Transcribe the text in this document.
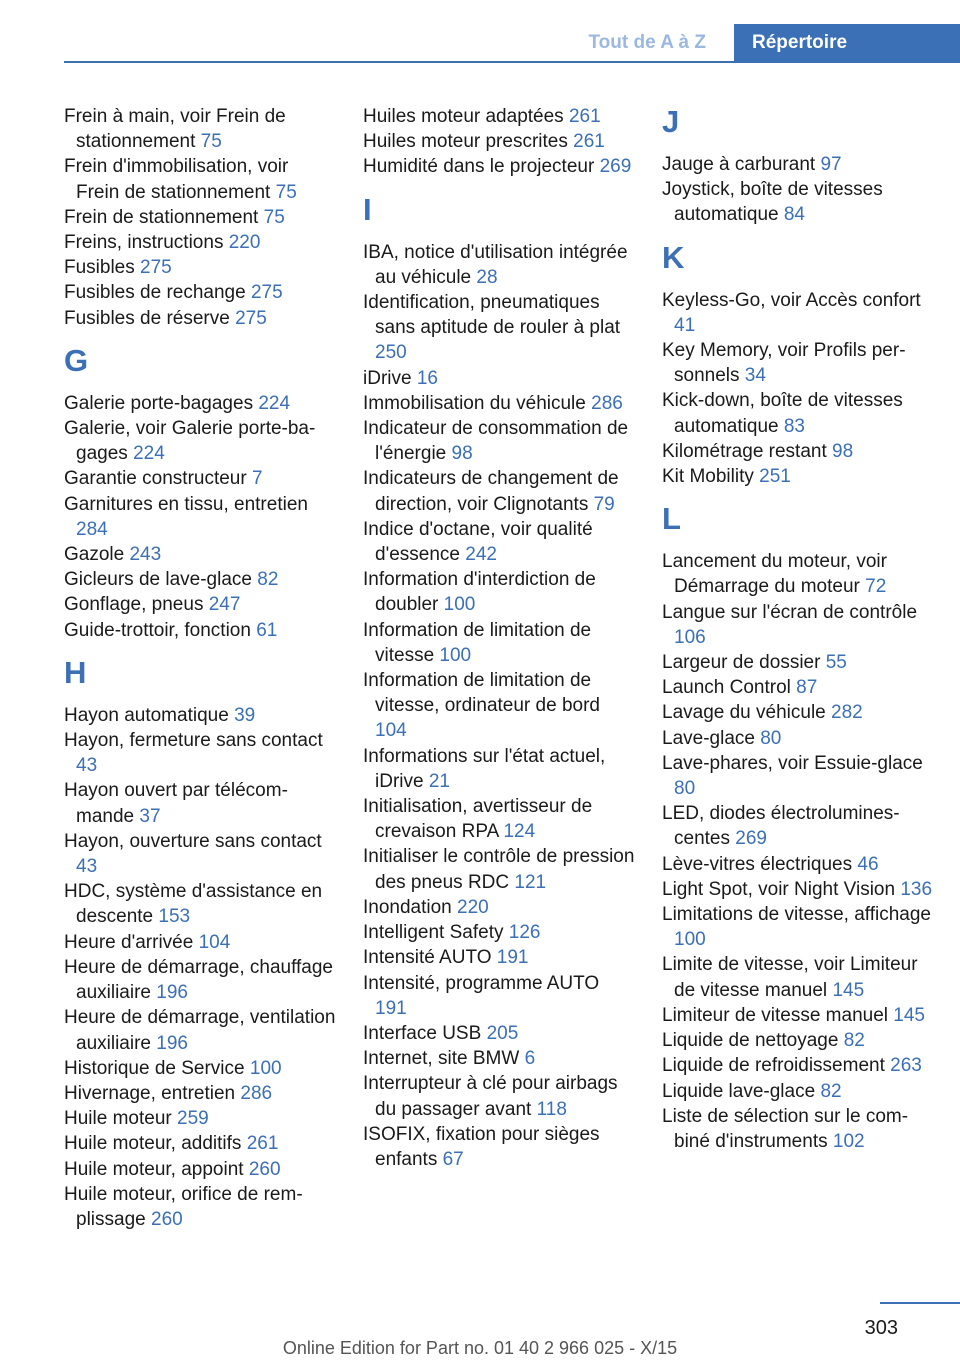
Tout de A à Z	Répertoire
Frein à main, voir Frein de stationnement 75
Frein d'immobilisation, voir Frein de stationnement 75
Frein de stationnement 75
Freins, instructions 220
Fusibles 275
Fusibles de rechange 275
Fusibles de réserve 275
G
Galerie porte-bagages 224
Galerie, voir Galerie porte-bagages 224
Garantie constructeur 7
Garnitures en tissu, entretien 284
Gazole 243
Gicleurs de lave-glace 82
Gonflage, pneus 247
Guide-trottoir, fonction 61
H
Hayon automatique 39
Hayon, fermeture sans contact 43
Hayon ouvert par télécommande 37
Hayon, ouverture sans contact 43
HDC, système d'assistance en descente 153
Heure d'arrivée 104
Heure de démarrage, chauffage auxiliaire 196
Heure de démarrage, ventilation auxiliaire 196
Historique de Service 100
Hivernage, entretien 286
Huile moteur 259
Huile moteur, additifs 261
Huile moteur, appoint 260
Huile moteur, orifice de remplissage 260
Huiles moteur adaptées 261
Huiles moteur prescrites 261
Humidité dans le projecteur 269
I
IBA, notice d'utilisation intégrée au véhicule 28
Identification, pneumatiques sans aptitude de rouler à plat 250
iDrive 16
Immobilisation du véhicule 286
Indicateur de consommation de l'énergie 98
Indicateurs de changement de direction, voir Clignotants 79
Indice d'octane, voir qualité d'essence 242
Information d'interdiction de doubler 100
Information de limitation de vitesse 100
Information de limitation de vitesse, ordinateur de bord 104
Informations sur l'état actuel, iDrive 21
Initialisation, avertisseur de crevaison RPA 124
Initialiser le contrôle de pression des pneus RDC 121
Inondation 220
Intelligent Safety 126
Intensité AUTO 191
Intensité, programme AUTO 191
Interface USB 205
Internet, site BMW 6
Interrupteur à clé pour airbags du passager avant 118
ISOFIX, fixation pour sièges enfants 67
J
Jauge à carburant 97
Joystick, boîte de vitesses automatique 84
K
Keyless-Go, voir Accès confort 41
Key Memory, voir Profils personnels 34
Kick-down, boîte de vitesses automatique 83
Kilométrage restant 98
Kit Mobility 251
L
Lancement du moteur, voir Démarrage du moteur 72
Langue sur l'écran de contrôle 106
Largeur de dossier 55
Launch Control 87
Lavage du véhicule 282
Lave-glace 80
Lave-phares, voir Essuie-glace 80
LED, diodes électroluminescentes 269
Lève-vitres électriques 46
Light Spot, voir Night Vision 136
Limitations de vitesse, affichage 100
Limite de vitesse, voir Limiteur de vitesse manuel 145
Limiteur de vitesse manuel 145
Liquide de nettoyage 82
Liquide de refroidissement 263
Liquide lave-glace 82
Liste de sélection sur le combiné d'instruments 102
303
Online Edition for Part no. 01 40 2 966 025 - X/15
